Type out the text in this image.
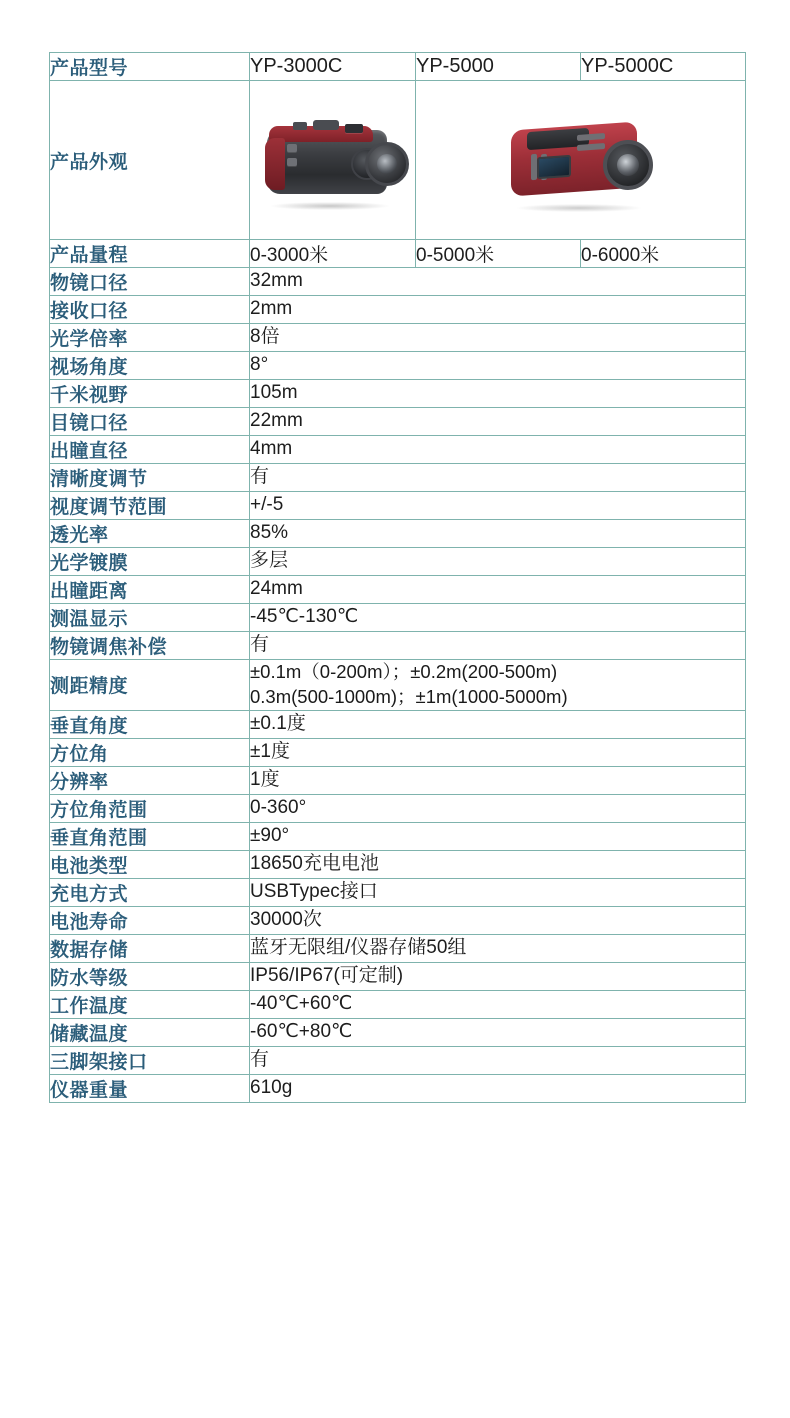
产品型号	YP-3000C	YP-5000	YP-5000C
产品外观		

产品量程	0-3000米	0-5000米	0-6000米
物镜口径	32mm		
接收口径	2mm		
光学倍率	8倍		
视场角度	8°		
千米视野	105m		
目镜口径	22mm		
出瞳直径	4mm		
清晰度调节	有		
视度调节范围	+/-5		
透光率	85%		
光学镀膜	多层		
出瞳距离	24mm		
测温显示	-45℃-130℃		
物镜调焦补偿	有		
测距精度	±0.1m（0-200m）；±0.2m(200-500m)
0.3m(500-1000m)；±1m(1000-5000m)		

垂直角度	±0.1度		
方位角	±1度		
分辨率	1度		
方位角范围	0-360°		
垂直角范围	±90°		
电池类型	18650充电电池		
充电方式	USBTypec接口		
电池寿命	30000次		
数据存储	蓝牙无限组/仪器存储50组		
防水等级	IP56/IP67(可定制)		
工作温度	-40℃+60℃		
储藏温度	-60℃+80℃		
三脚架接口	有		
仪器重量	610g		
